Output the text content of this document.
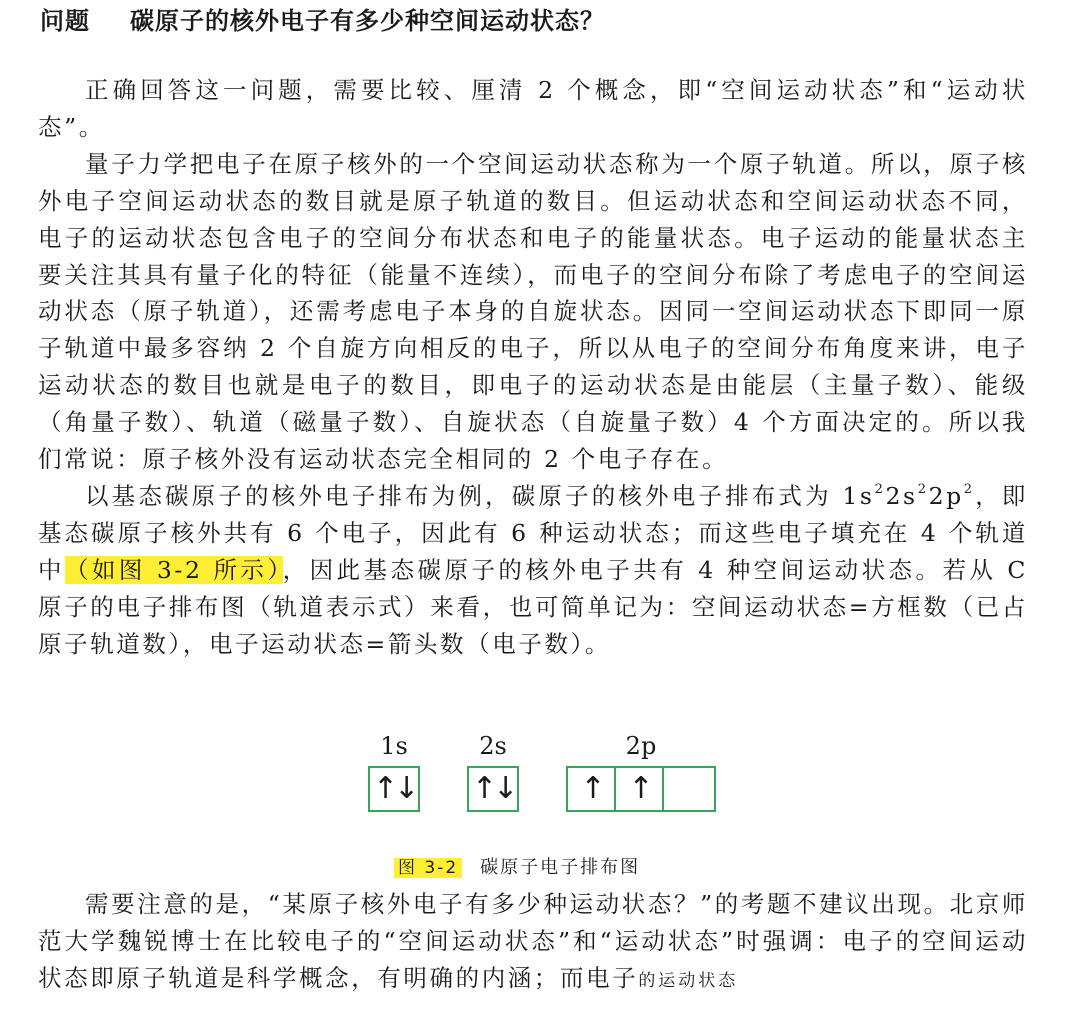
问题 碳原子的核外电子有多少种空间运动状态？

正确回答这一问题，需要比较、厘清 2 个概念，即“空间运动状态”和“运动状态”。

量子力学把电子在原子核外的一个空间运动状态称为一个原子轨道。所以，原子核外电子空间运动状态的数目就是原子轨道的数目。但运动状态和空间运动状态不同，电子的运动状态包含电子的空间分布状态和电子的能量状态。电子运动的能量状态主要关注其具有量子化的特征（能量不连续），而电子的空间分布除了考虑电子的空间运动状态（原子轨道），还需考虑电子本身的自旋状态。因同一空间运动状态下即同一原子轨道中最多容纳 2 个自旋方向相反的电子，所以从电子的空间分布角度来讲，电子运动状态的数目也就是电子的数目，即电子的运动状态是由能层（主量子数）、能级（角量子数）、轨道（磁量子数）、自旋状态（自旋量子数）4 个方面决定的。所以我们常说：原子核外没有运动状态完全相同的 2 个电子存在。

以基态碳原子的核外电子排布为例，碳原子的核外电子排布式为 $1s^22s^22p^2$，即基态碳原子核外共有 6 个电子，因此有 6 种运动状态；而这些电子填充在 4 个轨道中（如图 3-2 所示），因此基态碳原子的核外电子共有 4 种空间运动状态。若从 C 原子的电子排布图（轨道表示式）来看，也可简单记为：空间运动状态=方框数（已占原子轨道数），电子运动状态=箭头数（电子数）。

1s	2s	2p
↑↓ ↑↓	↑ ↑
图 3-2 碳原子电子排布图

需要注意的是，“某原子核外电子有多少种运动状态？”的考题不建议出现。北京师范大学魏锐博士在比较电子的“空间运动状态”和“运动状态”时强调：电子的空间运动状态即原子轨道是科学概念，有明确的内涵；而电子的运动状态
